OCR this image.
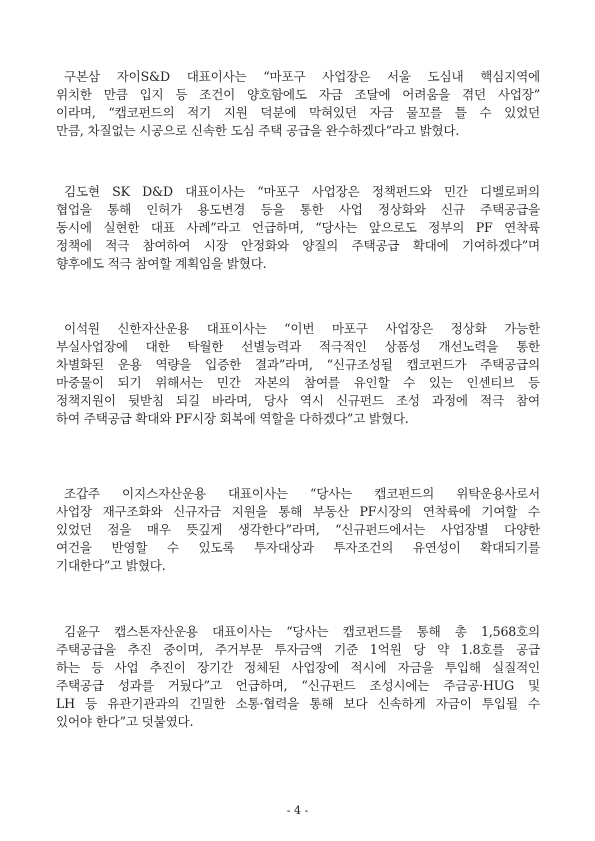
구본삼 자이S&D 대표이사는 “마포구 사업장은 서울 도심내 핵심지역에
위치한 만큼 입지 등 조건이 양호함에도 자금 조달에 어려움을 겪던 사업장”
이라며, “캡코펀드의 적기 지원 덕분에 막혀있던 자금 물꼬를 틀 수 있었던
만큼, 차질없는 시공으로 신속한 도심 주택 공급을 완수하겠다”라고 밝혔다.

김도현 SK D&D 대표이사는 “마포구 사업장은 정책펀드와 민간 디벨로퍼의
협업을 통해 인허가 용도변경 등을 통한 사업 정상화와 신규 주택공급을
동시에 실현한 대표 사례”라고 언급하며, “당사는 앞으로도 정부의 PF 연착륙
정책에 적극 참여하여 시장 안정화와 양질의 주택공급 확대에 기여하겠다”며
향후에도 적극 참여할 계획임을 밝혔다.

이석원 신한자산운용 대표이사는 “이번 마포구 사업장은 정상화 가능한
부실사업장에 대한 탁월한 선별능력과 적극적인 상품성 개선노력을 통한
차별화된 운용 역량을 입증한 결과”라며, “신규조성될 캡코펀드가 주택공급의
마중물이 되기 위해서는 민간 자본의 참여를 유인할 수 있는 인센티브 등
정책지원이 뒷받침 되길 바라며, 당사 역시 신규펀드 조성 과정에 적극 참여
하여 주택공급 확대와 PF시장 회복에 역할을 다하겠다”고 밝혔다.

조갑주 이지스자산운용 대표이사는 “당사는 캡코펀드의 위탁운용사로서
사업장 재구조화와 신규자금 지원을 통해 부동산 PF시장의 연착륙에 기여할 수
있었던 점을 매우 뜻깊게 생각한다”라며, “신규펀드에서는 사업장별 다양한
여건을 반영할 수 있도록 투자대상과 투자조건의 유연성이 확대되기를
기대한다”고 밝혔다.

김윤구 캡스톤자산운용 대표이사는 “당사는 캡코펀드를 통해 총 1,568호의
주택공급을 추진 중이며, 주거부문 투자금액 기준 1억원 당 약 1.8호를 공급
하는 등 사업 추진이 장기간 정체된 사업장에 적시에 자금을 투입해 실질적인
주택공급 성과를 거뒀다”고 언급하며, “신규펀드 조성시에는 주금공·HUG 및
LH 등 유관기관과의 긴밀한 소통·협력을 통해 보다 신속하게 자금이 투입될 수
있어야 한다”고 덧붙였다.

- 4 -
